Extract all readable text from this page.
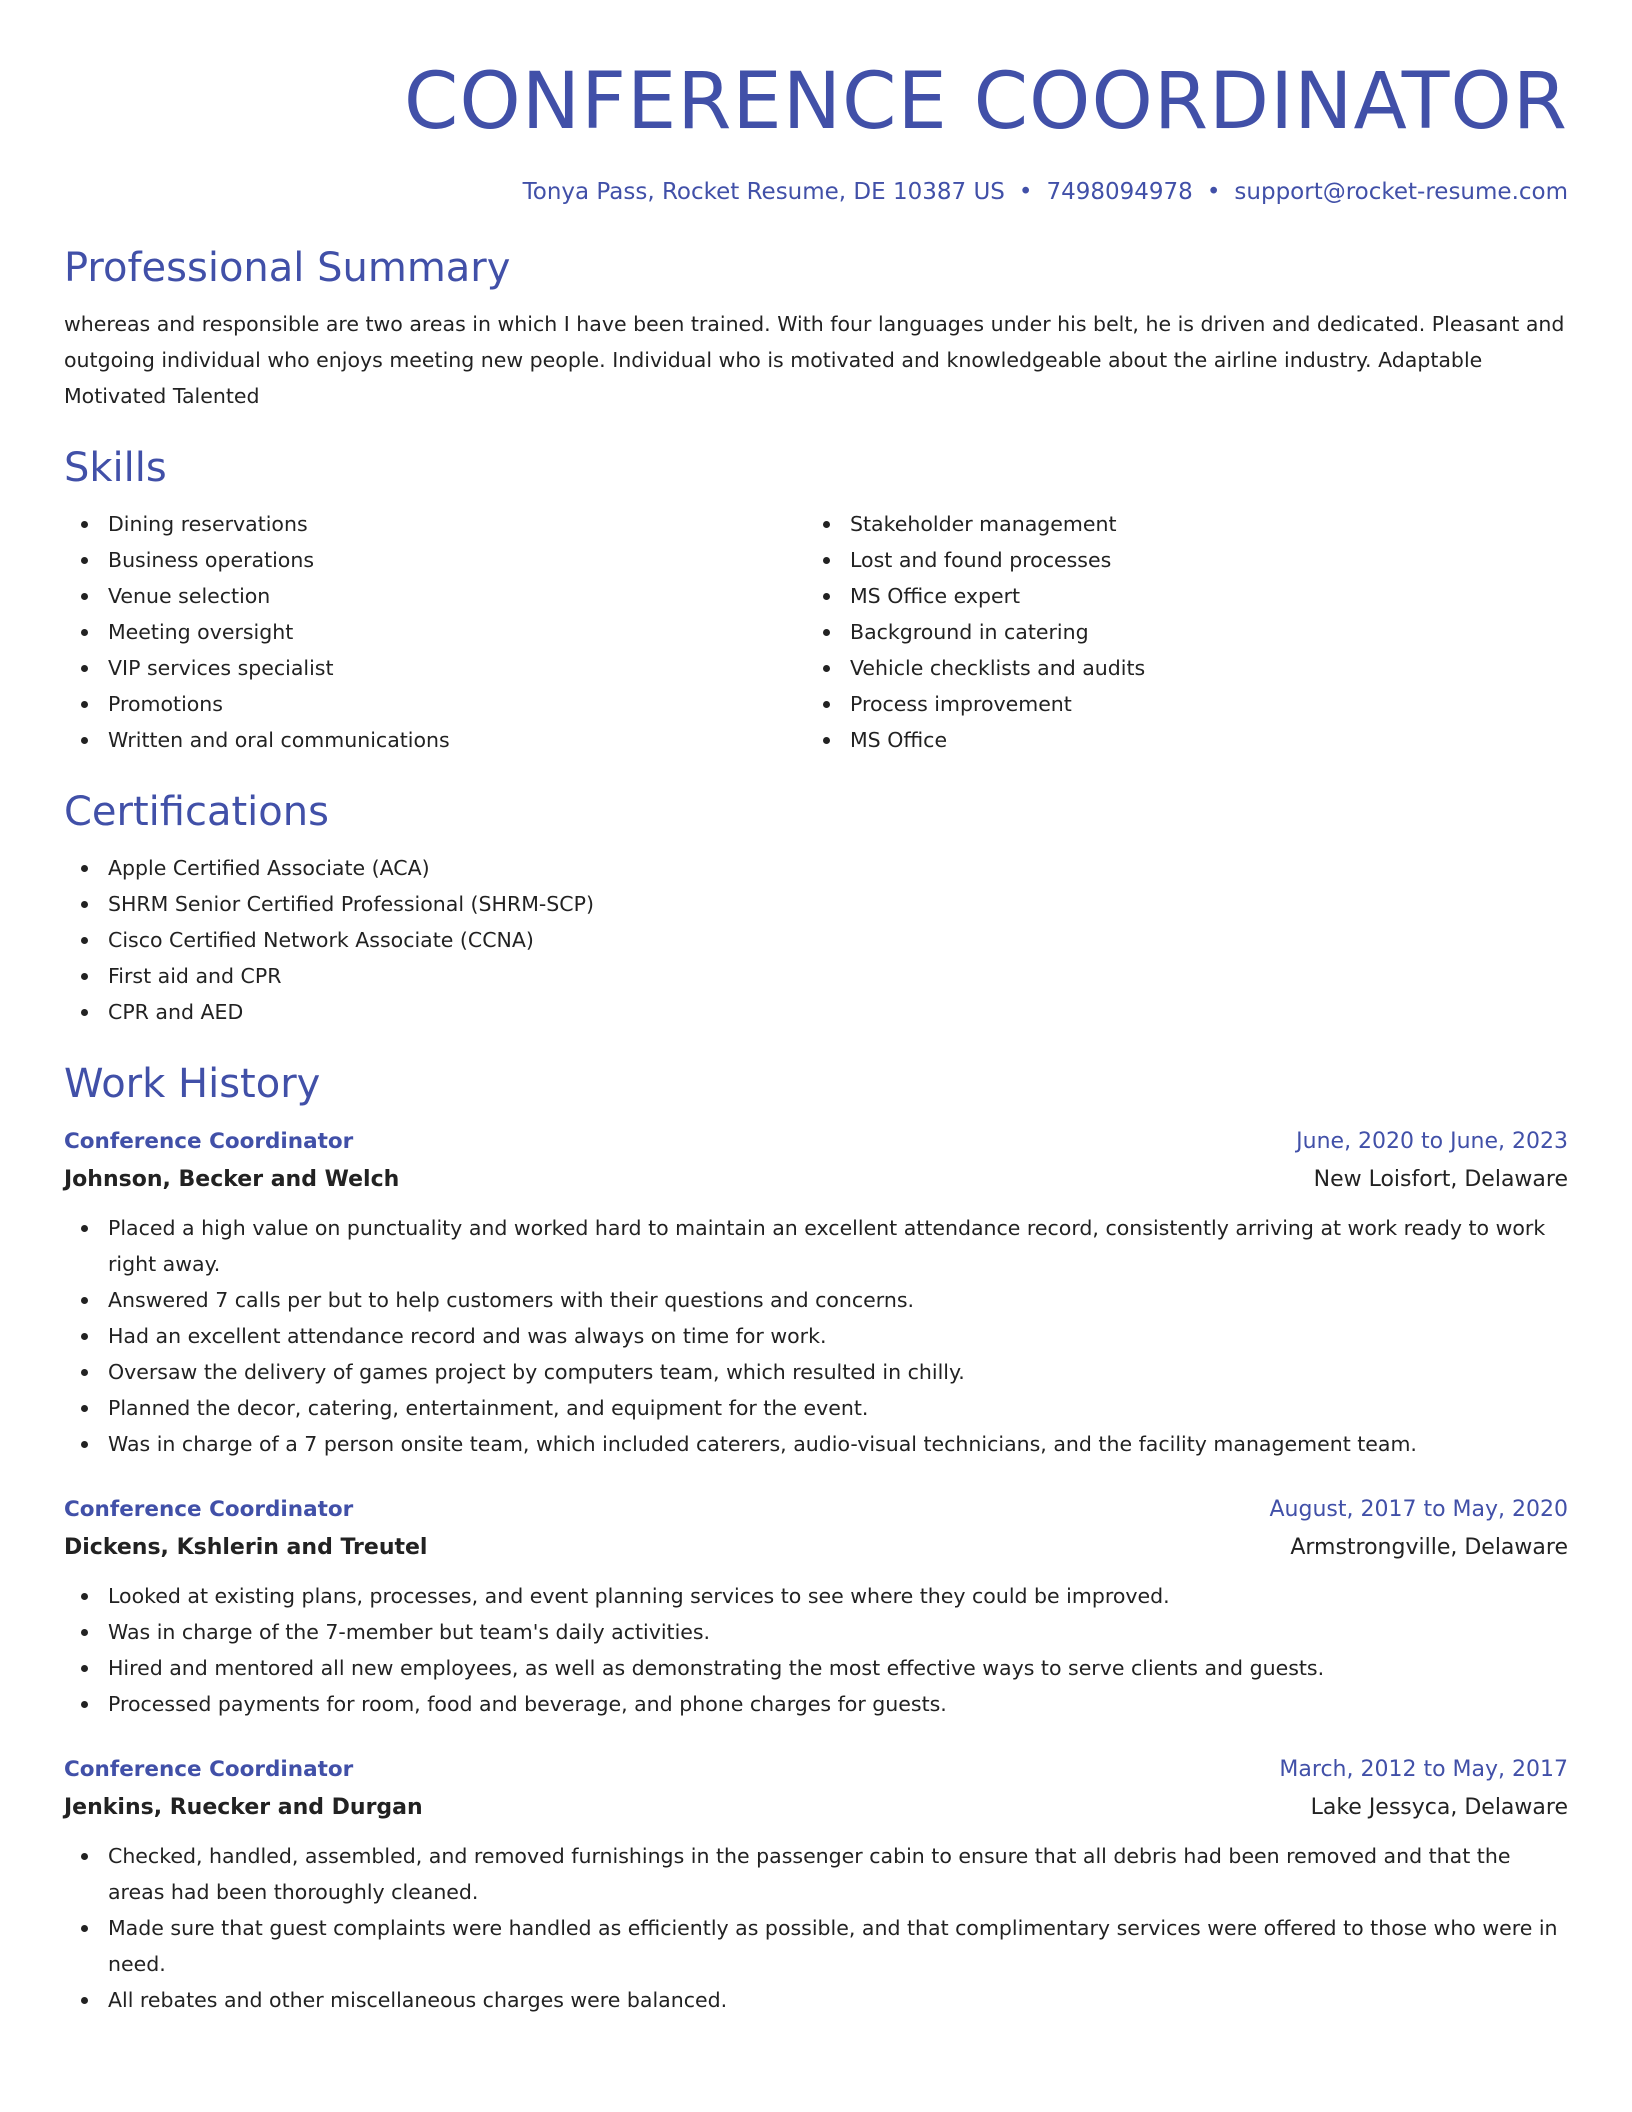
CONFERENCE COORDINATOR
Tonya Pass, Rocket Resume, DE 10387 US • 7498094978 • support@rocket-resume.com
Professional Summary

whereas and responsible are two areas in which I have been trained. With four languages under his belt, he is driven and dedicated. Pleasant and outgoing individual who enjoys meeting new people. Individual who is motivated and knowledgeable about the airline industry. Adaptable Motivated Talented

Skills
Dining reservations
Business operations
Venue selection
Meeting oversight
VIP services specialist
Promotions
Written and oral communications
Stakeholder management
Lost and found processes
MS Office expert
Background in catering
Vehicle checklists and audits
Process improvement
MS Office
Certifications
Apple Certified Associate (ACA)
SHRM Senior Certified Professional (SHRM-SCP)
Cisco Certified Network Associate (CCNA)
First aid and CPR
CPR and AED
Work History
Conference Coordinator	June, 2020 to June, 2023
Johnson, Becker and Welch	New Loisfort, Delaware
Placed a high value on punctuality and worked hard to maintain an excellent attendance record, consistently arriving at work ready to work right away.
Answered 7 calls per but to help customers with their questions and concerns.
Had an excellent attendance record and was always on time for work.
Oversaw the delivery of games project by computers team, which resulted in chilly.
Planned the decor, catering, entertainment, and equipment for the event.
Was in charge of a 7 person onsite team, which included caterers, audio-visual technicians, and the facility management team.
Conference Coordinator	August, 2017 to May, 2020
Dickens, Kshlerin and Treutel	Armstrongville, Delaware
Looked at existing plans, processes, and event planning services to see where they could be improved.
Was in charge of the 7-member but team's daily activities.
Hired and mentored all new employees, as well as demonstrating the most effective ways to serve clients and guests.
Processed payments for room, food and beverage, and phone charges for guests.
Conference Coordinator	March, 2012 to May, 2017
Jenkins, Ruecker and Durgan	Lake Jessyca, Delaware
Checked, handled, assembled, and removed furnishings in the passenger cabin to ensure that all debris had been removed and that the areas had been thoroughly cleaned.
Made sure that guest complaints were handled as efficiently as possible, and that complimentary services were offered to those who were in need.
All rebates and other miscellaneous charges were balanced.
